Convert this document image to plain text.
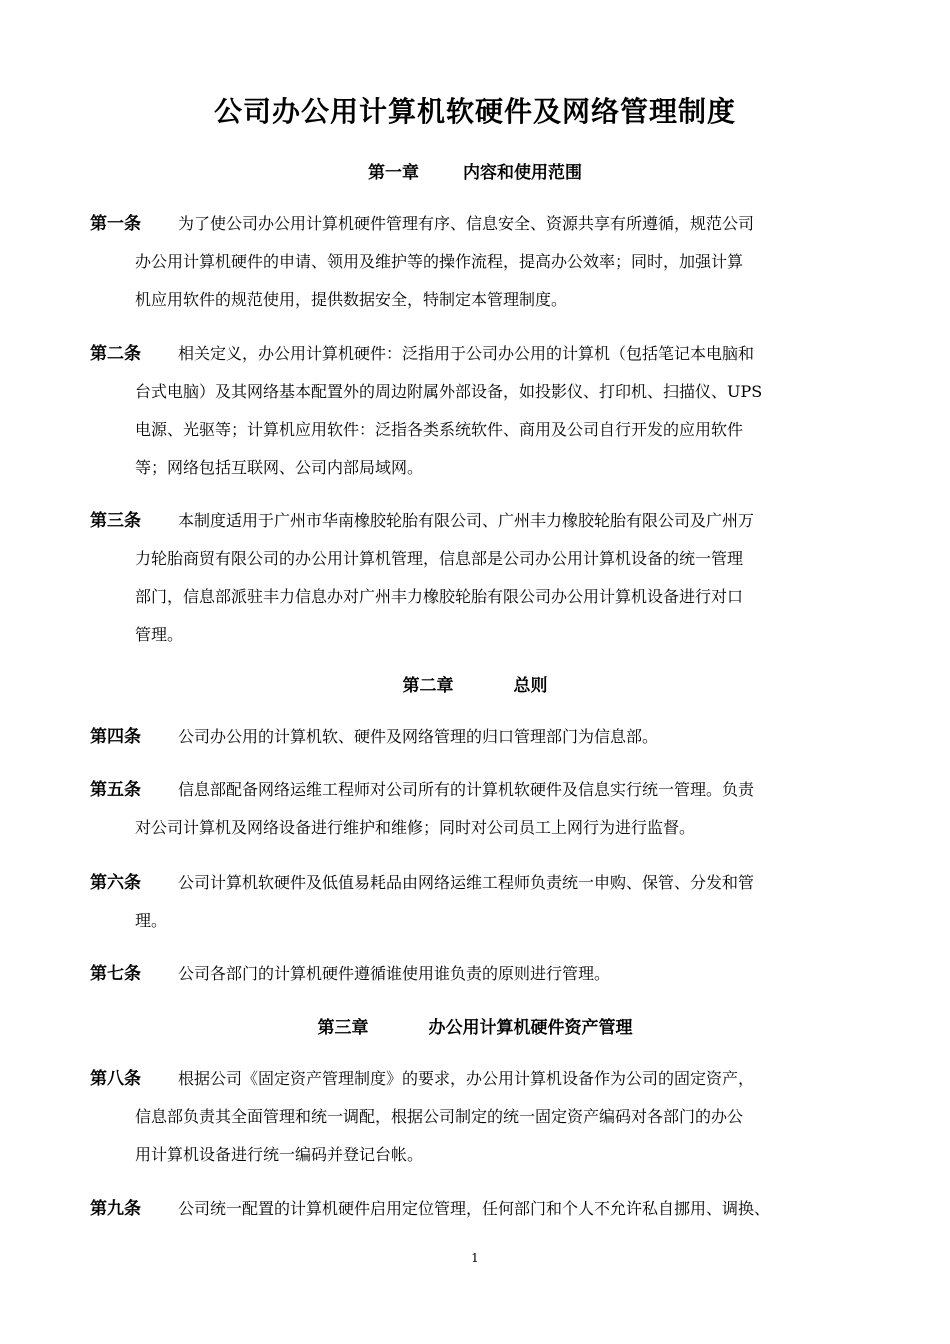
公司办公用计算机软硬件及网络管理制度
第一章	内容和使用范围
第一条 为了使公司办公用计算机硬件管理有序、信息安全、资源共享有所遵循，规范公司
办公用计算机硬件的申请、领用及维护等的操作流程，提高办公效率；同时，加强计算
机应用软件的规范使用，提供数据安全，特制定本管理制度。
第二条 相关定义，办公用计算机硬件：泛指用于公司办公用的计算机（包括笔记本电脑和
台式电脑）及其网络基本配置外的周边附属外部设备，如投影仪、打印机、扫描仪、UPS
电源、光驱等；计算机应用软件：泛指各类系统软件、商用及公司自行开发的应用软件
等；网络包括互联网、公司内部局域网。
第三条 本制度适用于广州市华南橡胶轮胎有限公司、广州丰力橡胶轮胎有限公司及广州万
力轮胎商贸有限公司的办公用计算机管理，信息部是公司办公用计算机设备的统一管理
部门，信息部派驻丰力信息办对广州丰力橡胶轮胎有限公司办公用计算机设备进行对口
管理。
第二章	总则
第四条 公司办公用的计算机软、硬件及网络管理的归口管理部门为信息部。
第五条 信息部配备网络运维工程师对公司所有的计算机软硬件及信息实行统一管理。负责
对公司计算机及网络设备进行维护和维修；同时对公司员工上网行为进行监督。
第六条 公司计算机软硬件及低值易耗品由网络运维工程师负责统一申购、保管、分发和管
理。
第七条 公司各部门的计算机硬件遵循谁使用谁负责的原则进行管理。
第三章	办公用计算机硬件资产管理
第八条 根据公司《固定资产管理制度》的要求，办公用计算机设备作为公司的固定资产，
信息部负责其全面管理和统一调配，根据公司制定的统一固定资产编码对各部门的办公
用计算机设备进行统一编码并登记台帐。
第九条 公司统一配置的计算机硬件启用定位管理，任何部门和个人不允许私自挪用、调换、
1
